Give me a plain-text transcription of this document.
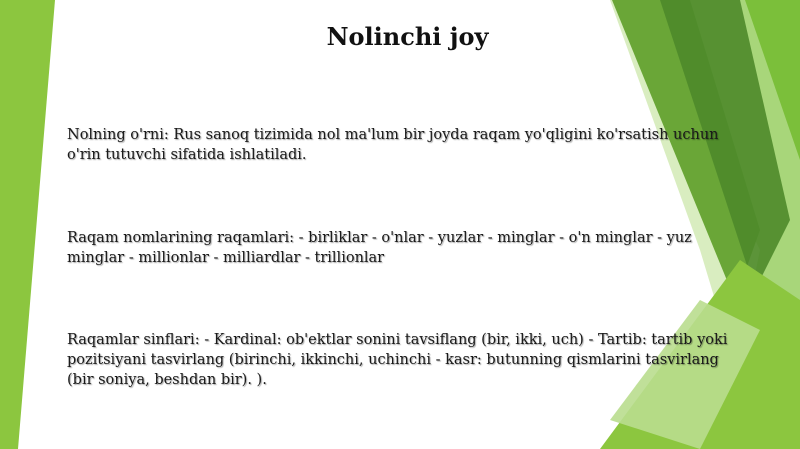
Nolinchi joy
Nolning o'rni: Rus sanoq tizimida nol ma'lum bir joyda raqam yo'qligini ko'rsatish uchun o'rin tutuvchi sifatida ishlatiladi.
Raqam nomlarining raqamlari: - birliklar - o'nlar - yuzlar - minglar - o'n minglar - yuz minglar - millionlar - milliardlar - trillionlar
Raqamlar sinflari: - Kardinal: ob'ektlar sonini tavsiflang (bir, ikki, uch) - Tartib: tartib yoki pozitsiyani tasvirlang (birinchi, ikkinchi, uchinchi - kasr: butunning qismlarini tasvirlang (bir soniya, beshdan bir). ).
